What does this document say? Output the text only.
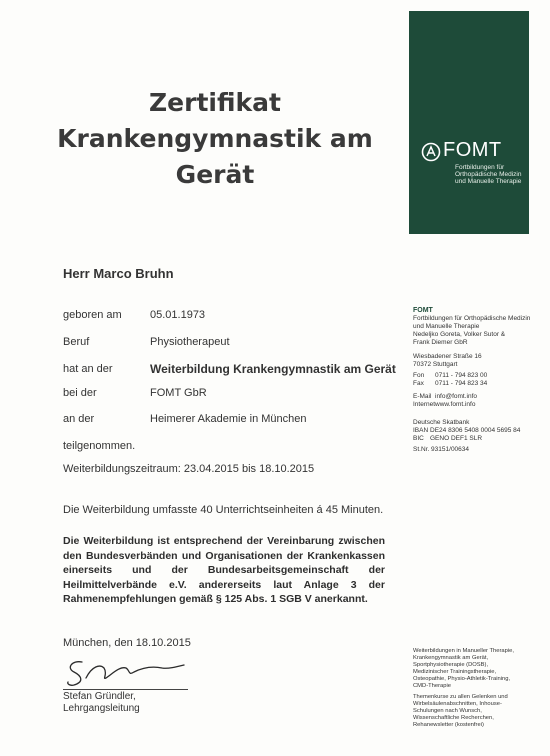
Zertifikat
Krankengymnastik am
Gerät
FOMT
Fortbildungen für
Orthopädische Medizin
und Manuelle Therapie
Herr Marco Bruhn
geboren am	05.01.1973
Beruf	Physiotherapeut
hat an der	Weiterbildung Krankengymnastik am Gerät
bei der	FOMT GbR
an der	Heimerer Akademie in München
teilgenommen.
Weiterbildungszeitraum: 23.04.2015 bis 18.10.2015
Die Weiterbildung umfasste 40 Unterrichtseinheiten á 45 Minuten.
Die Weiterbildung ist entsprechend der Vereinbarung zwischen den Bundesverbänden und Organisationen der Krankenkassen einerseits und der Bundesarbeitsgemeinschaft der Heilmittelverbände e.V. andererseits laut Anlage 3 der Rahmenempfehlungen gemäß § 125 Abs. 1 SGB V anerkannt.
München, den 18.10.2015
Stefan Gründler,
Lehrgangsleitung
FOMT
Fortbildungen für Orthopädische Medizin
und Manuelle Therapie
Nedeljko Goreta, Volker Sutor &
Frank Diemer GbR
Wiesbadener Straße 16
70372 Stuttgart
Fon 0711 - 794 823 00
Fax 0711 - 794 823 34
E-Mail info@fomt.info
Internetwww.fomt.info
Deutsche Skatbank
IBAN DE24 8306 5408 0004 5695 84
BIC GENO DEF1 SLR
St.Nr. 93151/00634
Weiterbildungen in Manueller Therapie, Krankengymnastik am Gerät, Sportphysiotherapie (DOSB), Medizinischer Trainingstherapie, Osteopathie, Physio-Athletik-Training, CMD-Therapie
Themenkurse zu allen Gelenken und Wirbelsäulenabschnitten, Inhouse-Schulungen nach Wunsch, Wissenschaftliche Recherchen, Rehanewsletter (kostenfrei)
